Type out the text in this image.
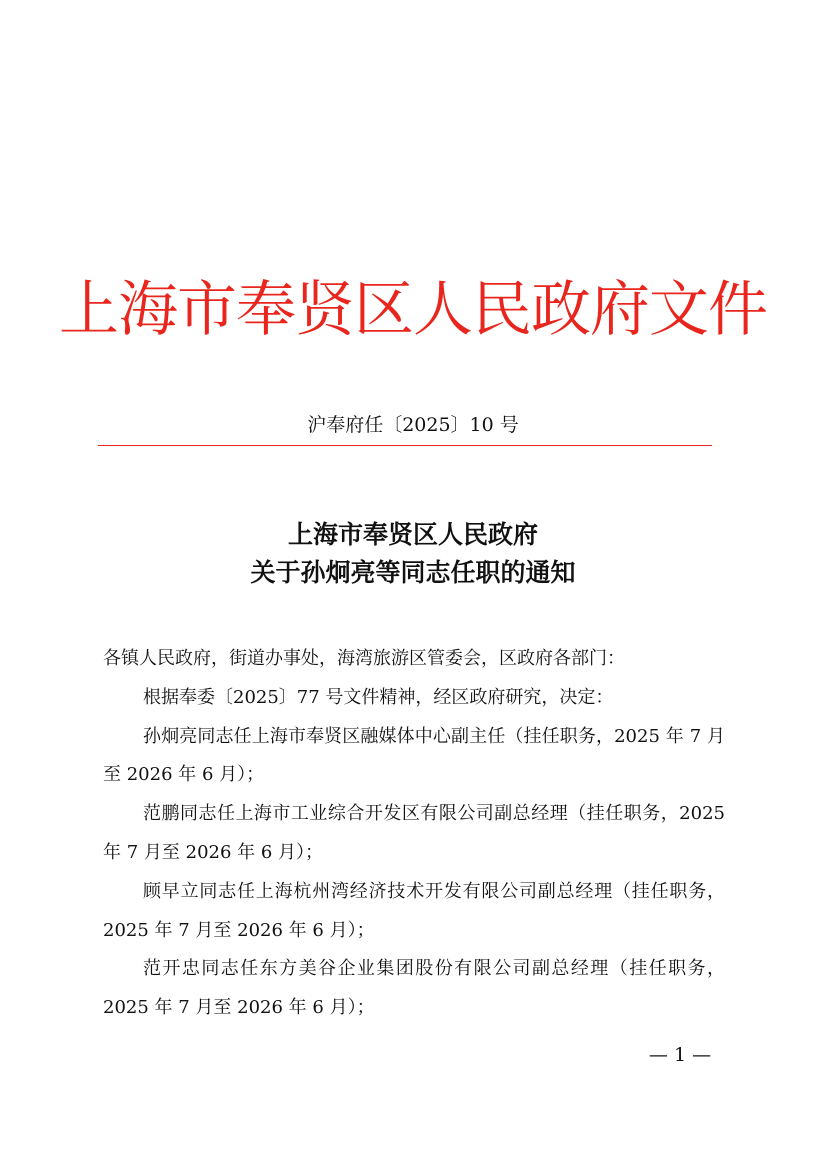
上海市奉贤区人民政府文件
沪奉府任〔2025〕10 号
上海市奉贤区人民政府
关于孙炯亮等同志任职的通知

各镇人民政府，街道办事处，海湾旅游区管委会，区政府各部门：

根据奉委〔2025〕77 号文件精神，经区政府研究，决定：

孙炯亮同志任上海市奉贤区融媒体中心副主任（挂任职务，2025 年 7 月至 2026 年 6 月）；

范鹏同志任上海市工业综合开发区有限公司副总经理（挂任职务，2025 年 7 月至 2026 年 6 月）；

顾早立同志任上海杭州湾经济技术开发有限公司副总经理（挂任职务，2025 年 7 月至 2026 年 6 月）；

范开忠同志任东方美谷企业集团股份有限公司副总经理（挂任职务，2025 年 7 月至 2026 年 6 月）；

— 1 —
